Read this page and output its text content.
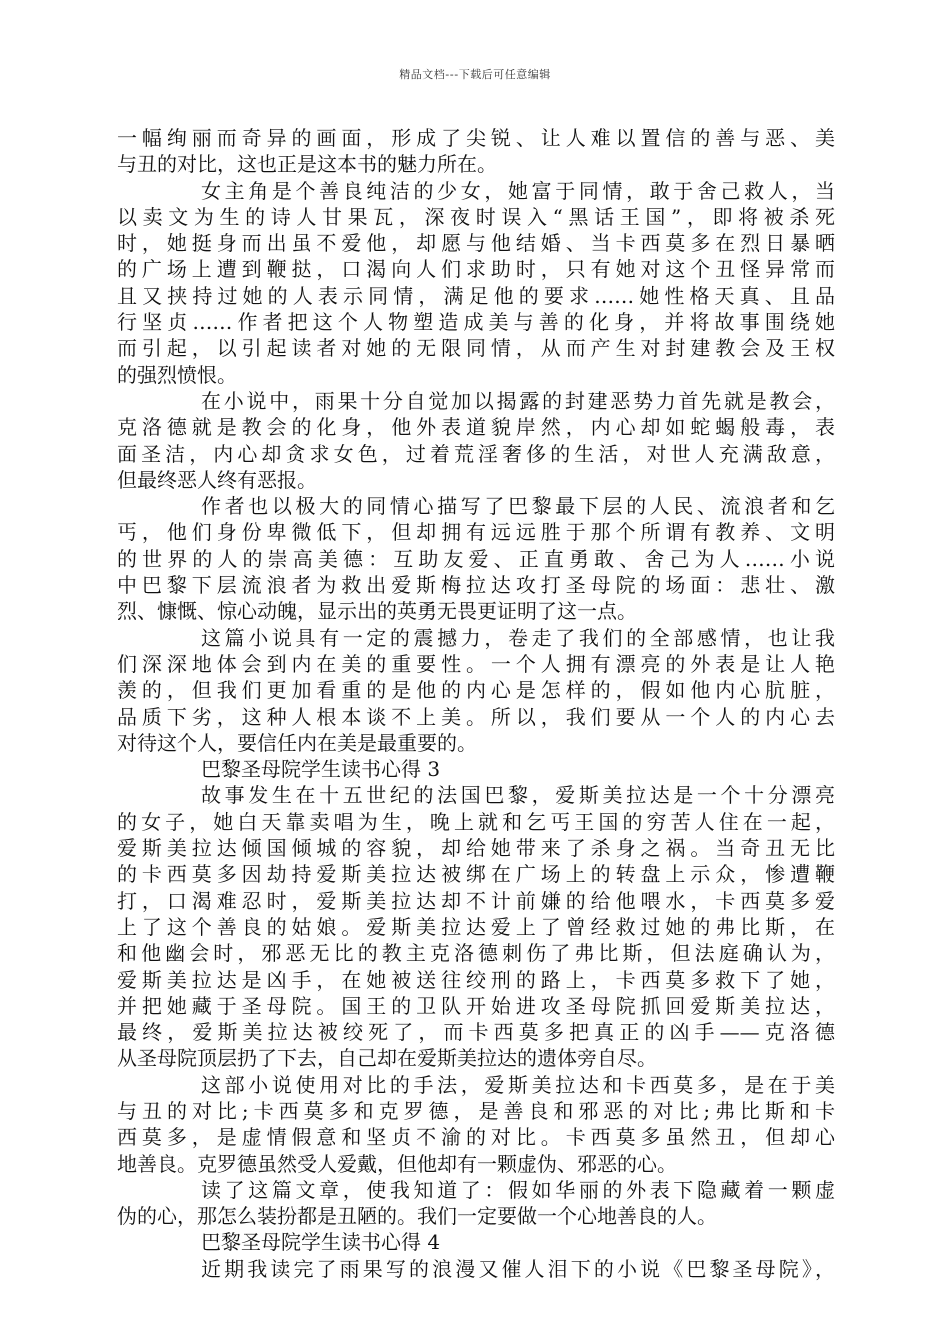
精品文档---下载后可任意编辑
一幅绚丽而奇异的画面，形成了尖锐、让人难以置信的善与恶、美
与丑的对比，这也正是这本书的魅力所在。
女主角是个善良纯洁的少女，她富于同情，敢于舍己救人，当
以卖文为生的诗人甘果瓦，深夜时误入“黑话王国”，即将被杀死
时，她挺身而出虽不爱他，却愿与他结婚、当卡西莫多在烈日暴晒
的广场上遭到鞭挞，口渴向人们求助时，只有她对这个丑怪异常而
且又挟持过她的人表示同情，满足他的要求……她性格天真、且品
行坚贞……作者把这个人物塑造成美与善的化身，并将故事围绕她
而引起，以引起读者对她的无限同情，从而产生对封建教会及王权
的强烈愤恨。
在小说中，雨果十分自觉加以揭露的封建恶势力首先就是教会，
克洛德就是教会的化身，他外表道貌岸然，内心却如蛇蝎般毒，表
面圣洁，内心却贪求女色，过着荒淫奢侈的生活，对世人充满敌意，
但最终恶人终有恶报。
作者也以极大的同情心描写了巴黎最下层的人民、流浪者和乞
丐，他们身份卑微低下，但却拥有远远胜于那个所谓有教养、文明
的世界的人的崇高美德：互助友爱、正直勇敢、舍己为人……小说
中巴黎下层流浪者为救出爱斯梅拉达攻打圣母院的场面：悲壮、激
烈、慷慨、惊心动魄，显示出的英勇无畏更证明了这一点。
这篇小说具有一定的震撼力，卷走了我们的全部感情，也让我
们深深地体会到内在美的重要性。一个人拥有漂亮的外表是让人艳
羡的，但我们更加看重的是他的内心是怎样的，假如他内心肮脏，
品质下劣，这种人根本谈不上美。所以，我们要从一个人的内心去
对待这个人，要信任内在美是最重要的。
巴黎圣母院学生读书心得 3
故事发生在十五世纪的法国巴黎，爱斯美拉达是一个十分漂亮
的女子，她白天靠卖唱为生，晚上就和乞丐王国的穷苦人住在一起，
爱斯美拉达倾国倾城的容貌，却给她带来了杀身之祸。当奇丑无比
的卡西莫多因劫持爱斯美拉达被绑在广场上的转盘上示众，惨遭鞭
打，口渴难忍时，爱斯美拉达却不计前嫌的给他喂水，卡西莫多爱
上了这个善良的姑娘。爱斯美拉达爱上了曾经救过她的弗比斯，在
和他幽会时，邪恶无比的教主克洛德刺伤了弗比斯，但法庭确认为，
爱斯美拉达是凶手，在她被送往绞刑的路上，卡西莫多救下了她，
并把她藏于圣母院。国王的卫队开始进攻圣母院抓回爱斯美拉达，
最终，爱斯美拉达被绞死了，而卡西莫多把真正的凶手——克洛德
从圣母院顶层扔了下去，自己却在爱斯美拉达的遗体旁自尽。
这部小说使用对比的手法，爱斯美拉达和卡西莫多，是在于美
与丑的对比;卡西莫多和克罗德，是善良和邪恶的对比;弗比斯和卡
西莫多，是虚情假意和坚贞不渝的对比。卡西莫多虽然丑，但却心
地善良。克罗德虽然受人爱戴，但他却有一颗虚伪、邪恶的心。
读了这篇文章，使我知道了：假如华丽的外表下隐藏着一颗虚
伪的心，那怎么装扮都是丑陋的。我们一定要做一个心地善良的人。
巴黎圣母院学生读书心得 4
近期我读完了雨果写的浪漫又催人泪下的小说《巴黎圣母院》，
